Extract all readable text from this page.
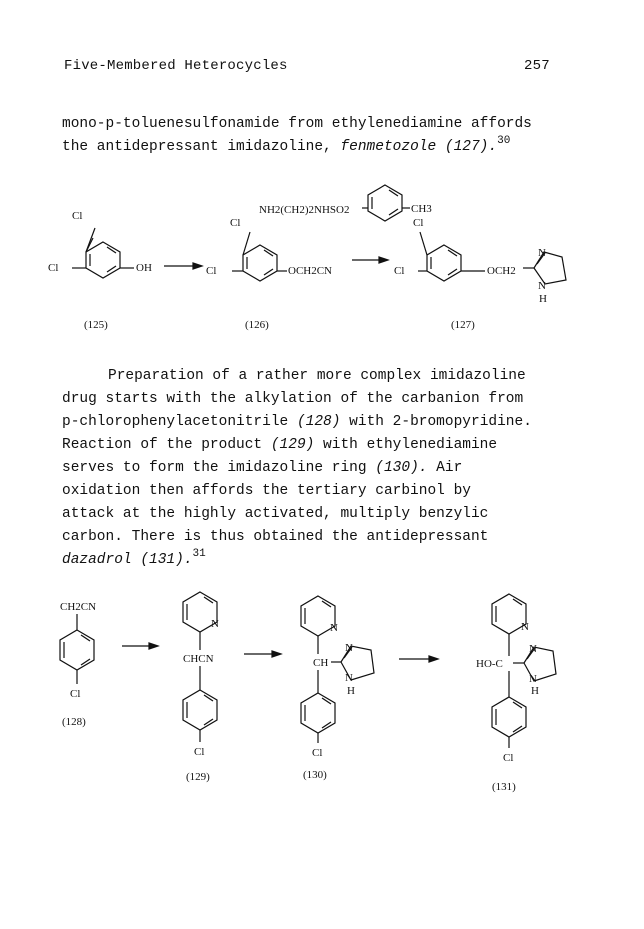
Five-Membered Heterocycles	257

mono-p-toluenesulfonamide from ethylenediamine affords

the antidepressant imidazoline, fenmetozole (127).$^{30}$

Cl
Cl	OH
Cl
Cl	OCH2CN
NH2(CH2)2NHSO2	CH3
Cl
Cl	OCH2
N
N
H
(125)	(126)	(127)

Preparation of a rather more complex imidazoline

drug starts with the alkylation of the carbanion from

p-chlorophenylacetonitrile (128) with 2-bromopyridine.

Reaction of the product (129) with ethylenediamine

serves to form the imidazoline ring (130). Air

oxidation then affords the tertiary carbinol by

attack at the highly activated, multiply benzylic

carbon. There is thus obtained the antidepressant

dazadrol (131).$^{31}$

CH2CN
Cl
(128)
N
CHCN
Cl
(129)
N
CH
N
N
H
Cl
(130)
N
HO-C
N
N
H
Cl
(131)
